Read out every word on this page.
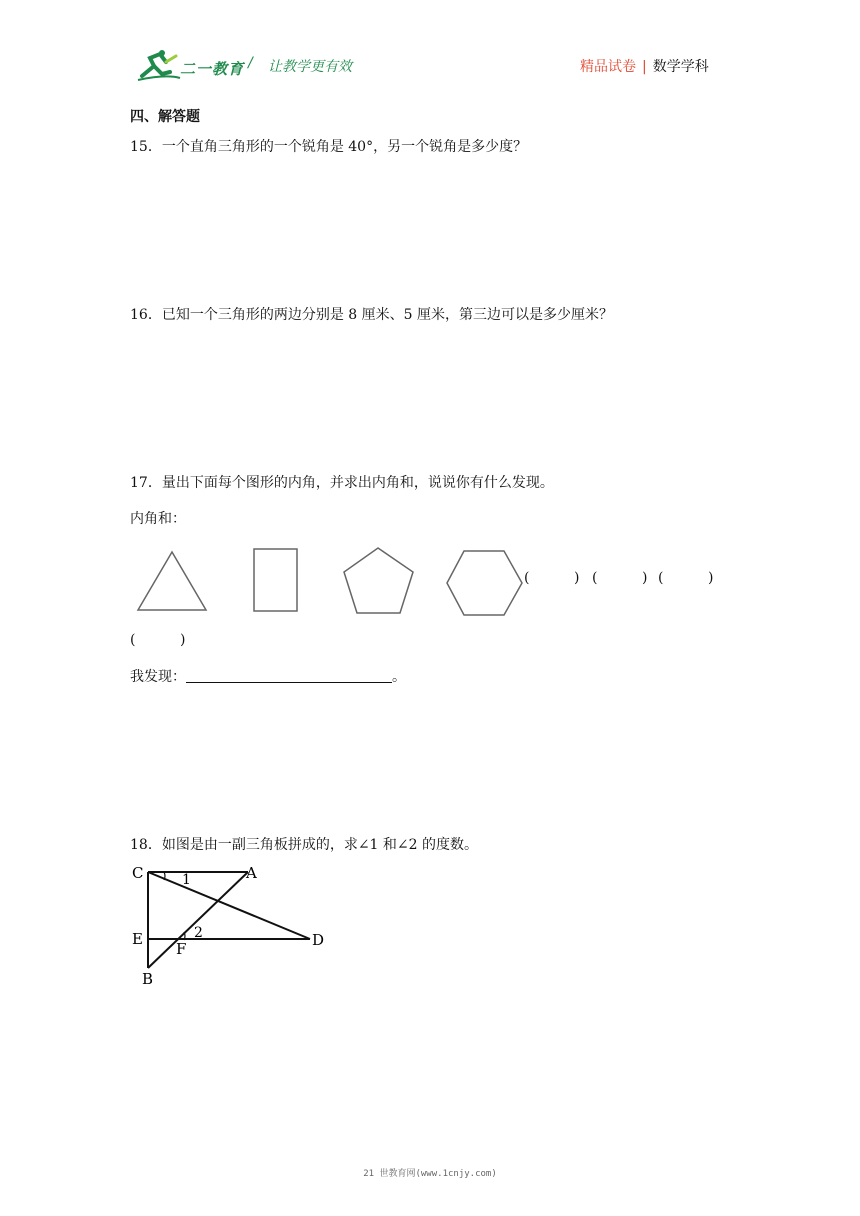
二一教育 / 让教学更有效	精品试卷 | 数学学科
四、解答题
15．一个直角三角形的一个锐角是 40°，另一个锐角是多少度？
16．已知一个三角形的两边分别是 8 厘米、5 厘米，第三边可以是多少厘米？
17．量出下面每个图形的内角，并求出内角和，说说你有什么发现。
内角和：
(          ) (          ) (          )
(          )
我发现：	。
18．如图是由一副三角板拼成的，求∠1 和∠2 的度数。
C	A
E
F	D
B
1
2
21 世教育网(www.1cnjy.com)
